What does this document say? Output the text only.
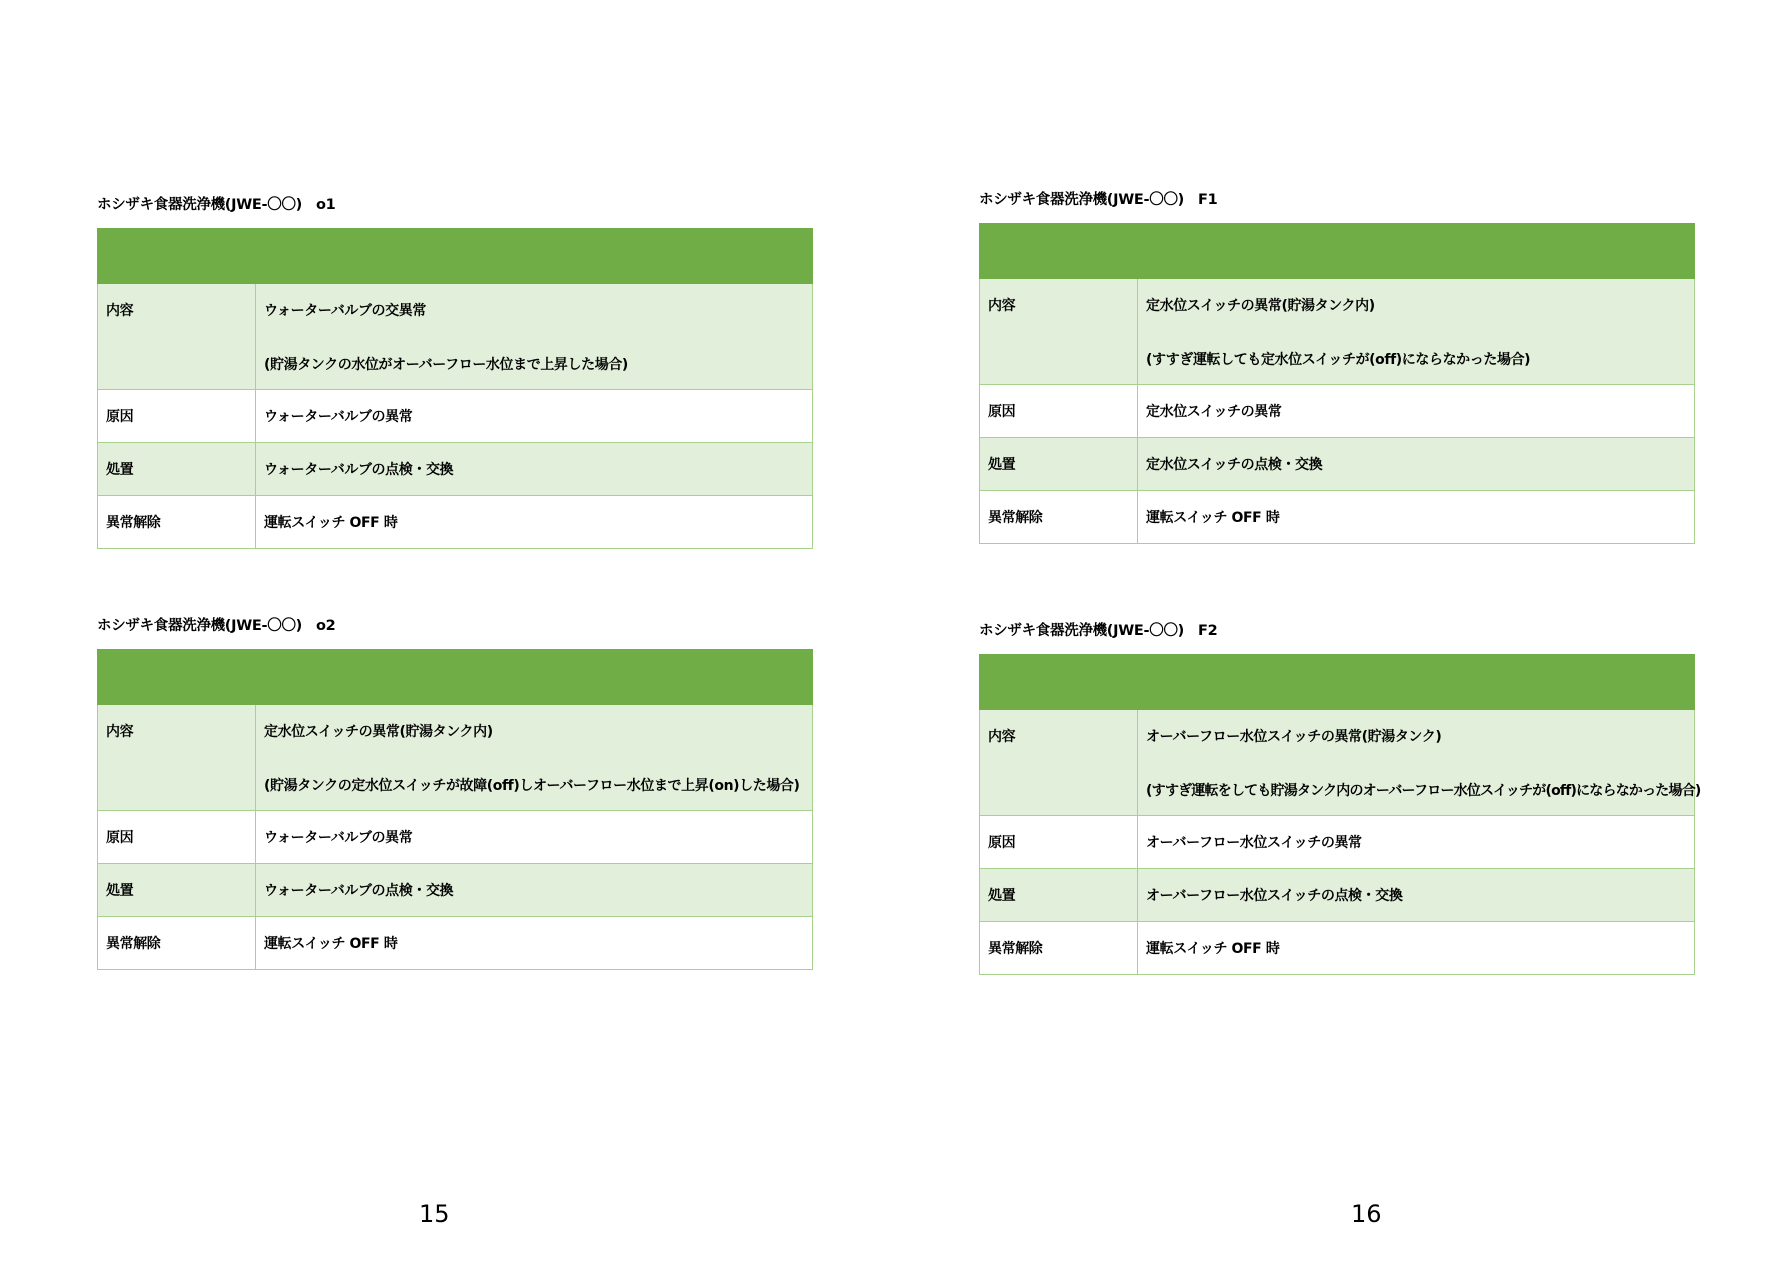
ホシザキ食器洗浄機(JWE-〇〇) o1

内容	ウォーターバルブの交異常
(貯湯タンクの水位がオーバーフロー水位まで上昇した場合)

原因	ウォーターバルブの異常
処置	ウォーターバルブの点検・交換
異常解除	運転スイッチ OFF 時
ホシザキ食器洗浄機(JWE-〇〇) o2

内容	定水位スイッチの異常(貯湯タンク内)
(貯湯タンクの定水位スイッチが故障(off)しオーバーフロー水位まで上昇(on)した場合)

原因	ウォーターバルブの異常
処置	ウォーターバルブの点検・交換
異常解除	運転スイッチ OFF 時
ホシザキ食器洗浄機(JWE-〇〇) F1

内容	定水位スイッチの異常(貯湯タンク内)
(すすぎ運転しても定水位スイッチが(off)にならなかった場合)

原因	定水位スイッチの異常
処置	定水位スイッチの点検・交換
異常解除	運転スイッチ OFF 時
ホシザキ食器洗浄機(JWE-〇〇) F2

内容	オーバーフロー水位スイッチの異常(貯湯タンク)
(すすぎ運転をしても貯湯タンク内のオーバーフロー水位スイッチが(off)にならなかった場合)

原因	オーバーフロー水位スイッチの異常
処置	オーバーフロー水位スイッチの点検・交換
異常解除	運転スイッチ OFF 時
15	16
